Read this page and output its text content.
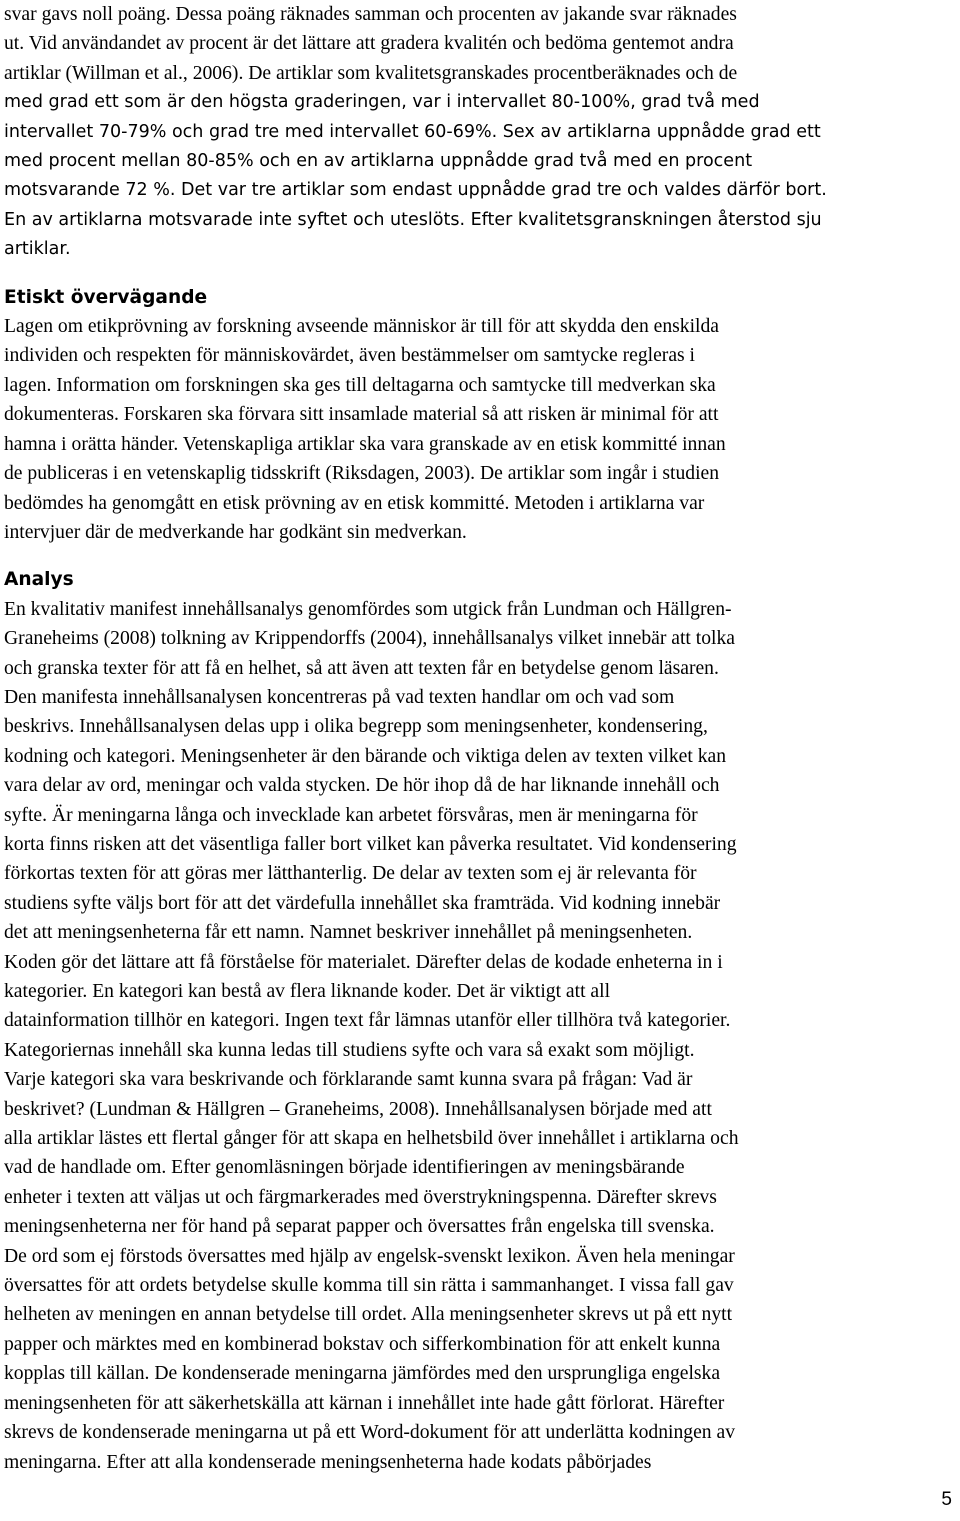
svar gavs noll poäng. Dessa poäng räknades samman och procenten av jakande svar räknades
ut. Vid användandet av procent är det lättare att gradera kvalitén och bedöma gentemot andra
artiklar (Willman et al., 2006). De artiklar som kvalitetsgranskades procentberäknades och de
med grad ett som är den högsta graderingen, var i intervallet 80-100%, grad två med
intervallet 70-79% och grad tre med intervallet 60-69%. Sex av artiklarna uppnådde grad ett
med procent mellan 80-85% och en av artiklarna uppnådde grad två med en procent
motsvarande 72 %. Det var tre artiklar som endast uppnådde grad tre och valdes därför bort.
En av artiklarna motsvarade inte syftet och uteslöts. Efter kvalitetsgranskningen återstod sju
artiklar.
Etiskt övervägande
Lagen om etikprövning av forskning avseende människor är till för att skydda den enskilda
individen och respekten för människovärdet, även bestämmelser om samtycke regleras i
lagen. Information om forskningen ska ges till deltagarna och samtycke till medverkan ska
dokumenteras. Forskaren ska förvara sitt insamlade material så att risken är minimal för att
hamna i orätta händer. Vetenskapliga artiklar ska vara granskade av en etisk kommitté innan
de publiceras i en vetenskaplig tidsskrift (Riksdagen, 2003). De artiklar som ingår i studien
bedömdes ha genomgått en etisk prövning av en etisk kommitté. Metoden i artiklarna var
intervjuer där de medverkande har godkänt sin medverkan.
Analys
En kvalitativ manifest innehållsanalys genomfördes som utgick från Lundman och Hällgren-
Graneheims (2008) tolkning av Krippendorffs (2004), innehållsanalys vilket innebär att tolka
och granska texter för att få en helhet, så att även att texten får en betydelse genom läsaren.
Den manifesta innehållsanalysen koncentreras på vad texten handlar om och vad som
beskrivs. Innehållsanalysen delas upp i olika begrepp som meningsenheter, kondensering,
kodning och kategori. Meningsenheter är den bärande och viktiga delen av texten vilket kan
vara delar av ord, meningar och valda stycken. De hör ihop då de har liknande innehåll och
syfte. Är meningarna långa och invecklade kan arbetet försvåras, men är meningarna för
korta finns risken att det väsentliga faller bort vilket kan påverka resultatet. Vid kondensering
förkortas texten för att göras mer lätthanterlig. De delar av texten som ej är relevanta för
studiens syfte väljs bort för att det värdefulla innehållet ska framträda. Vid kodning innebär
det att meningsenheterna får ett namn. Namnet beskriver innehållet på meningsenheten.
Koden gör det lättare att få förståelse för materialet. Därefter delas de kodade enheterna in i
kategorier. En kategori kan bestå av flera liknande koder. Det är viktigt att all
datainformation tillhör en kategori. Ingen text får lämnas utanför eller tillhöra två kategorier.
Kategoriernas innehåll ska kunna ledas till studiens syfte och vara så exakt som möjligt.
Varje kategori ska vara beskrivande och förklarande samt kunna svara på frågan: Vad är
beskrivet? (Lundman & Hällgren – Graneheims, 2008). Innehållsanalysen började med att
alla artiklar lästes ett flertal gånger för att skapa en helhetsbild över innehållet i artiklarna och
vad de handlade om. Efter genomläsningen började identifieringen av meningsbärande
enheter i texten att väljas ut och färgmarkerades med överstrykningspenna. Därefter skrevs
meningsenheterna ner för hand på separat papper och översattes från engelska till svenska.
De ord som ej förstods översattes med hjälp av engelsk-svenskt lexikon. Även hela meningar
översattes för att ordets betydelse skulle komma till sin rätta i sammanhanget. I vissa fall gav
helheten av meningen en annan betydelse till ordet. Alla meningsenheter skrevs ut på ett nytt
papper och märktes med en kombinerad bokstav och sifferkombination för att enkelt kunna
kopplas till källan. De kondenserade meningarna jämfördes med den ursprungliga engelska
meningsenheten för att säkerhetskälla att kärnan i innehållet inte hade gått förlorat. Härefter
skrevs de kondenserade meningarna ut på ett Word-dokument för att underlätta kodningen av
meningarna. Efter att alla kondenserade meningsenheterna hade kodats påbörjades
5
